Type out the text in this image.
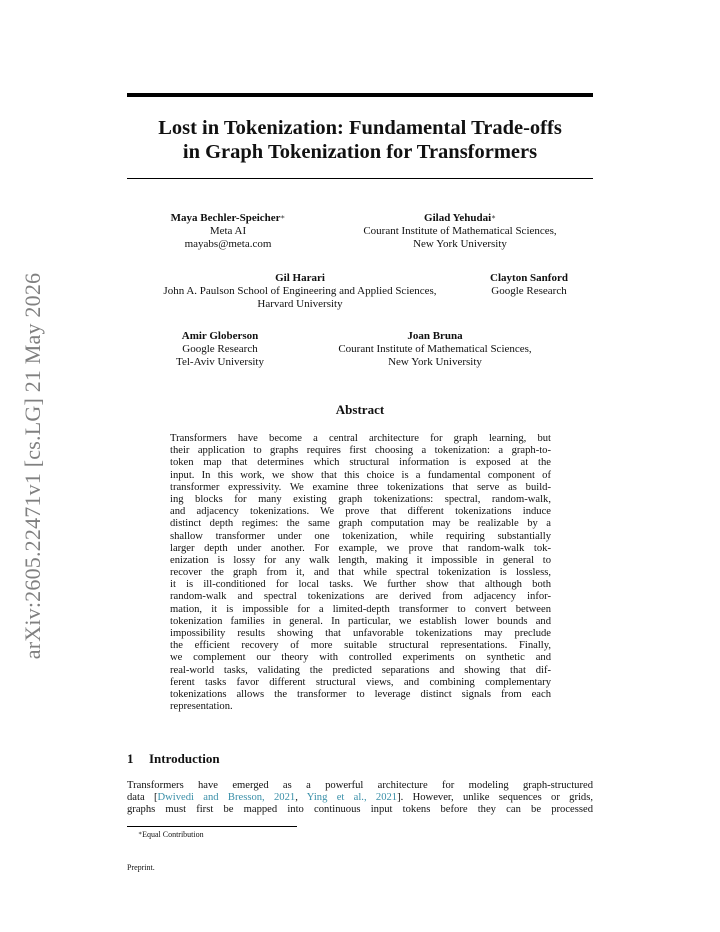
arXiv:2605.22471v1 [cs.LG] 21 May 2026
Lost in Tokenization: Fundamental Trade-offs
in Graph Tokenization for Transformers
Maya Bechler-Speicher∗
Meta AI
mayabs@meta.com
Gilad Yehudai∗
Courant Institute of Mathematical Sciences,
New York University
Gil Harari
John A. Paulson School of Engineering and Applied Sciences,
Harvard University
Clayton Sanford
Google Research
Amir Globerson
Google Research
Tel-Aviv University
Joan Bruna
Courant Institute of Mathematical Sciences,
New York University
Abstract
Transformers have become a central architecture for graph learning, but
their application to graphs requires first choosing a tokenization: a graph-to-
token map that determines which structural information is exposed at the
input. In this work, we show that this choice is a fundamental component of
transformer expressivity. We examine three tokenizations that serve as build-
ing blocks for many existing graph tokenizations: spectral, random-walk,
and adjacency tokenizations. We prove that different tokenizations induce
distinct depth regimes: the same graph computation may be realizable by a
shallow transformer under one tokenization, while requiring substantially
larger depth under another. For example, we prove that random-walk tok-
enization is lossy for any walk length, making it impossible in general to
recover the graph from it, and that while spectral tokenization is lossless,
it is ill-conditioned for local tasks. We further show that although both
random-walk and spectral tokenizations are derived from adjacency infor-
mation, it is impossible for a limited-depth transformer to convert between
tokenization families in general. In particular, we establish lower bounds and
impossibility results showing that unfavorable tokenizations may preclude
the efficient recovery of more suitable structural representations. Finally,
we complement our theory with controlled experiments on synthetic and
real-world tasks, validating the predicted separations and showing that dif-
ferent tasks favor different structural views, and combining complementary
tokenizations allows the transformer to leverage distinct signals from each
representation.
1 Introduction
Transformers have emerged as a powerful architecture for modeling graph-structured
data [Dwivedi and Bresson, 2021, Ying et al., 2021]. However, unlike sequences or grids,
graphs must first be mapped into continuous input tokens before they can be processed
∗Equal Contribution
Preprint.
